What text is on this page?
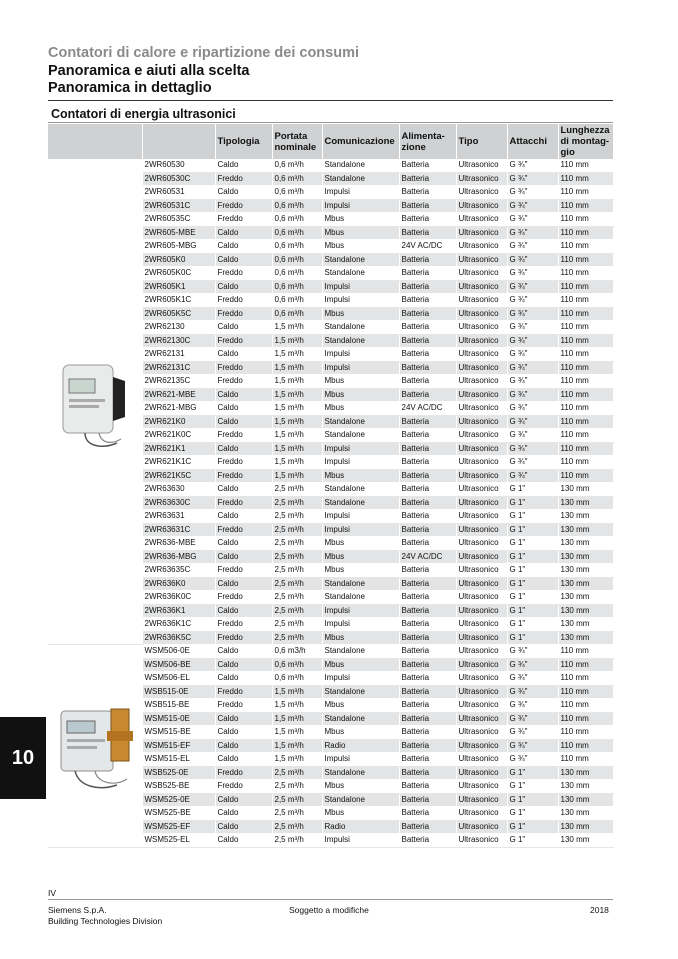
Contatori di calore e ripartizione dei consumi
Panoramica e aiuti alla scelta
Panoramica in dettaglio
Contatori di energia ultrasonici
		Tipologia	Portata nominale	Comunicazione	Alimenta-zione	Tipo	Attacchi	Lunghezza di montag-gio

	2WR60530	Caldo	0,6 m³/h	Standalone	Batteria	Ultrasonico	G ¾"	110 mm
	2WR60530C	Freddo	0,6 m³/h	Standalone	Batteria	Ultrasonico	G ¾"	110 mm
	2WR60531	Caldo	0,6 m³/h	Impulsi	Batteria	Ultrasonico	G ¾"	110 mm
	2WR60531C	Freddo	0,6 m³/h	Impulsi	Batteria	Ultrasonico	G ¾"	110 mm
	2WR60535C	Freddo	0,6 m³/h	Mbus	Batteria	Ultrasonico	G ¾"	110 mm
	2WR605-MBE	Caldo	0,6 m³/h	Mbus	Batteria	Ultrasonico	G ¾"	110 mm
	2WR605-MBG	Caldo	0,6 m³/h	Mbus	24V AC/DC	Ultrasonico	G ¾"	110 mm
	2WR605K0	Caldo	0,6 m³/h	Standalone	Batteria	Ultrasonico	G ¾"	110 mm
	2WR605K0C	Freddo	0,6 m³/h	Standalone	Batteria	Ultrasonico	G ¾"	110 mm
	2WR605K1	Caldo	0,6 m³/h	Impulsi	Batteria	Ultrasonico	G ¾"	110 mm
	2WR605K1C	Freddo	0,6 m³/h	Impulsi	Batteria	Ultrasonico	G ¾"	110 mm
	2WR605K5C	Freddo	0,6 m³/h	Mbus	Batteria	Ultrasonico	G ¾"	110 mm
	2WR62130	Caldo	1,5 m³/h	Standalone	Batteria	Ultrasonico	G ¾"	110 mm
	2WR62130C	Freddo	1,5 m³/h	Standalone	Batteria	Ultrasonico	G ¾"	110 mm
	2WR62131	Caldo	1,5 m³/h	Impulsi	Batteria	Ultrasonico	G ¾"	110 mm
	2WR62131C	Freddo	1,5 m³/h	Impulsi	Batteria	Ultrasonico	G ¾"	110 mm
	2WR62135C	Freddo	1,5 m³/h	Mbus	Batteria	Ultrasonico	G ¾"	110 mm
	2WR621-MBE	Caldo	1,5 m³/h	Mbus	Batteria	Ultrasonico	G ¾"	110 mm
	2WR621-MBG	Caldo	1,5 m³/h	Mbus	24V AC/DC	Ultrasonico	G ¾"	110 mm
	2WR621K0	Caldo	1,5 m³/h	Standalone	Batteria	Ultrasonico	G ¾"	110 mm
	2WR621K0C	Freddo	1,5 m³/h	Standalone	Batteria	Ultrasonico	G ¾"	110 mm
	2WR621K1	Caldo	1,5 m³/h	Impulsi	Batteria	Ultrasonico	G ¾"	110 mm
	2WR621K1C	Freddo	1,5 m³/h	Impulsi	Batteria	Ultrasonico	G ¾"	110 mm
	2WR621K5C	Freddo	1,5 m³/h	Mbus	Batteria	Ultrasonico	G ¾"	110 mm
	2WR63630	Caldo	2,5 m³/h	Standalone	Batteria	Ultrasonico	G 1"	130 mm
	2WR63630C	Freddo	2,5 m³/h	Standalone	Batteria	Ultrasonico	G 1"	130 mm
	2WR63631	Caldo	2,5 m³/h	Impulsi	Batteria	Ultrasonico	G 1"	130 mm
	2WR63631C	Freddo	2,5 m³/h	Impulsi	Batteria	Ultrasonico	G 1"	130 mm
	2WR636-MBE	Caldo	2,5 m³/h	Mbus	Batteria	Ultrasonico	G 1"	130 mm
	2WR636-MBG	Caldo	2,5 m³/h	Mbus	24V AC/DC	Ultrasonico	G 1"	130 mm
	2WR63635C	Freddo	2,5 m³/h	Mbus	Batteria	Ultrasonico	G 1"	130 mm
	2WR636K0	Caldo	2,5 m³/h	Standalone	Batteria	Ultrasonico	G 1"	130 mm
	2WR636K0C	Freddo	2,5 m³/h	Standalone	Batteria	Ultrasonico	G 1"	130 mm
	2WR636K1	Caldo	2,5 m³/h	Impulsi	Batteria	Ultrasonico	G 1"	130 mm
	2WR636K1C	Freddo	2,5 m³/h	Impulsi	Batteria	Ultrasonico	G 1"	130 mm
	2WR636K5C	Freddo	2,5 m³/h	Mbus	Batteria	Ultrasonico	G 1"	130 mm

	WSM506-0E	Caldo	0,6 m3/h	Standalone	Batteria	Ultrasonico	G ¾"	110 mm
	WSM506-BE	Caldo	0,6 m³/h	Mbus	Batteria	Ultrasonico	G ¾"	110 mm
	WSM506-EL	Caldo	0,6 m³/h	Impulsi	Batteria	Ultrasonico	G ¾"	110 mm
	WSB515-0E	Freddo	1,5 m³/h	Standalone	Batteria	Ultrasonico	G ¾"	110 mm
	WSB515-BE	Freddo	1,5 m³/h	Mbus	Batteria	Ultrasonico	G ¾"	110 mm
	WSM515-0E	Caldo	1,5 m³/h	Standalone	Batteria	Ultrasonico	G ¾"	110 mm
	WSM515-BE	Caldo	1,5 m³/h	Mbus	Batteria	Ultrasonico	G ¾"	110 mm
	WSM515-EF	Caldo	1,5 m³/h	Radio	Batteria	Ultrasonico	G ¾"	110 mm
	WSM515-EL	Caldo	1,5 m³/h	Impulsi	Batteria	Ultrasonico	G ¾"	110 mm
	WSB525-0E	Freddo	2,5 m³/h	Standalone	Batteria	Ultrasonico	G 1"	130 mm
	WSB525-BE	Freddo	2,5 m³/h	Mbus	Batteria	Ultrasonico	G 1"	130 mm
	WSM525-0E	Caldo	2,5 m³/h	Standalone	Batteria	Ultrasonico	G 1"	130 mm
	WSM525-BE	Caldo	2,5 m³/h	Mbus	Batteria	Ultrasonico	G 1"	130 mm
	WSM525-EF	Caldo	2,5 m³/h	Radio	Batteria	Ultrasonico	G 1"	130 mm
	WSM525-EL	Caldo	2,5 m³/h	Impulsi	Batteria	Ultrasonico	G 1"	130 mm
10
IV
Siemens S.p.A.
Building Technologies Division
Soggetto a modifiche	2018
